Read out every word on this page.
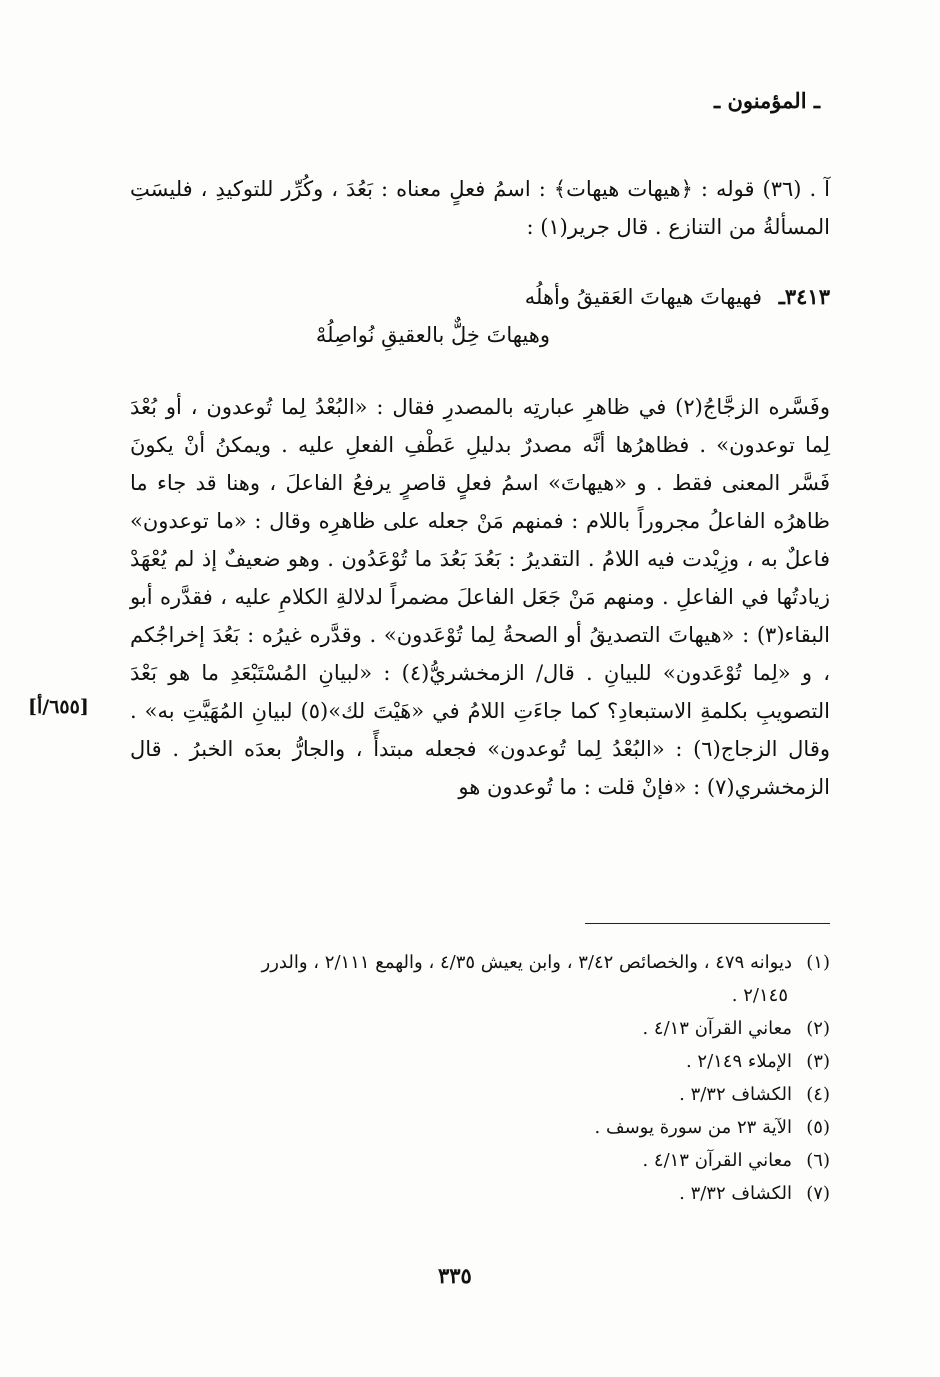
ـ المؤمنون ـ
آ . (٣٦) قوله : ﴿هيهات هيهات﴾ : اسمُ فعلٍ معناه : بَعُدَ ، وكُرِّر للتوكيدِ ، فليسَتِ المسألةُ من التنازع . قال جرير(١) :
٣٤١٣ـ فهيهاتَ هيهاتَ العَقيقُ وأهلُه
وهيهاتَ خِلٌّ بالعقيقِ نُواصِلُهْ
وفَسَّره الزجَّاجُ(٢) في ظاهرِ عبارتِه بالمصدرِ فقال : «البُعْدُ لِما تُوعدون ، أو بُعْدَ لِما توعدون» . فظاهرُها أنَّه مصدرٌ بدليلِ عَطْفِ الفعلِ عليه . ويمكنُ أنْ يكونَ فَسَّر المعنى فقط . و «هيهاتَ» اسمُ فعلٍ قاصرٍ يرفعُ الفاعلَ ، وهنا قد جاء ما ظاهرُه الفاعلُ مجروراً باللام : فمنهم مَنْ جعله على ظاهرِه وقال : «ما توعدون» فاعلٌ به ، وزِيْدت فيه اللامُ . التقديرُ : بَعُدَ بَعُدَ ما تُوْعَدُون . وهو ضعيفٌ إذ لم يُعْهَدْ زيادتُها في الفاعلِ . ومنهم مَنْ جَعَل الفاعلَ مضمراً لدلالةِ الكلامِ عليه ، فقدَّره أبو البقاء(٣) : «هيهاتَ التصديقُ أو الصحةُ لِما تُوْعَدون» . وقدَّره غيرُه : بَعُدَ إخراجُكم ، و «لِما تُوْعَدون» للبيانِ . قال/ الزمخشريُّ(٤) : «لبيانِ المُسْتَبْعَدِ ما هو بَعْدَ التصويبِ بكلمةِ الاستبعادِ؟ كما جاءَتِ اللامُ في «هَيْتَ لك»(٥) لبيانِ المُهَيَّتِ به» . وقال الزجاج(٦) : «البُعْدُ لِما تُوعدون» فجعله مبتدأً ، والجارُّ بعدَه الخبرُ . قال الزمخشري(٧) : «فإنْ قلت : ما تُوعدون هو
[٦٥٥/أ]
(١)ديوانه ٤٧٩ ، والخصائص ٣/٤٢ ، وابن يعيش ٤/٣٥ ، والهمع ٢/١١١ ، والدرر
٢/١٤٥ .
(٢)معاني القرآن ٤/١٣ .
(٣)الإملاء ٢/١٤٩ .
(٤)الكشاف ٣/٣٢ .
(٥)الآية ٢٣ من سورة يوسف .
(٦)معاني القرآن ٤/١٣ .
(٧)الكشاف ٣/٣٢ .
٣٣٥
